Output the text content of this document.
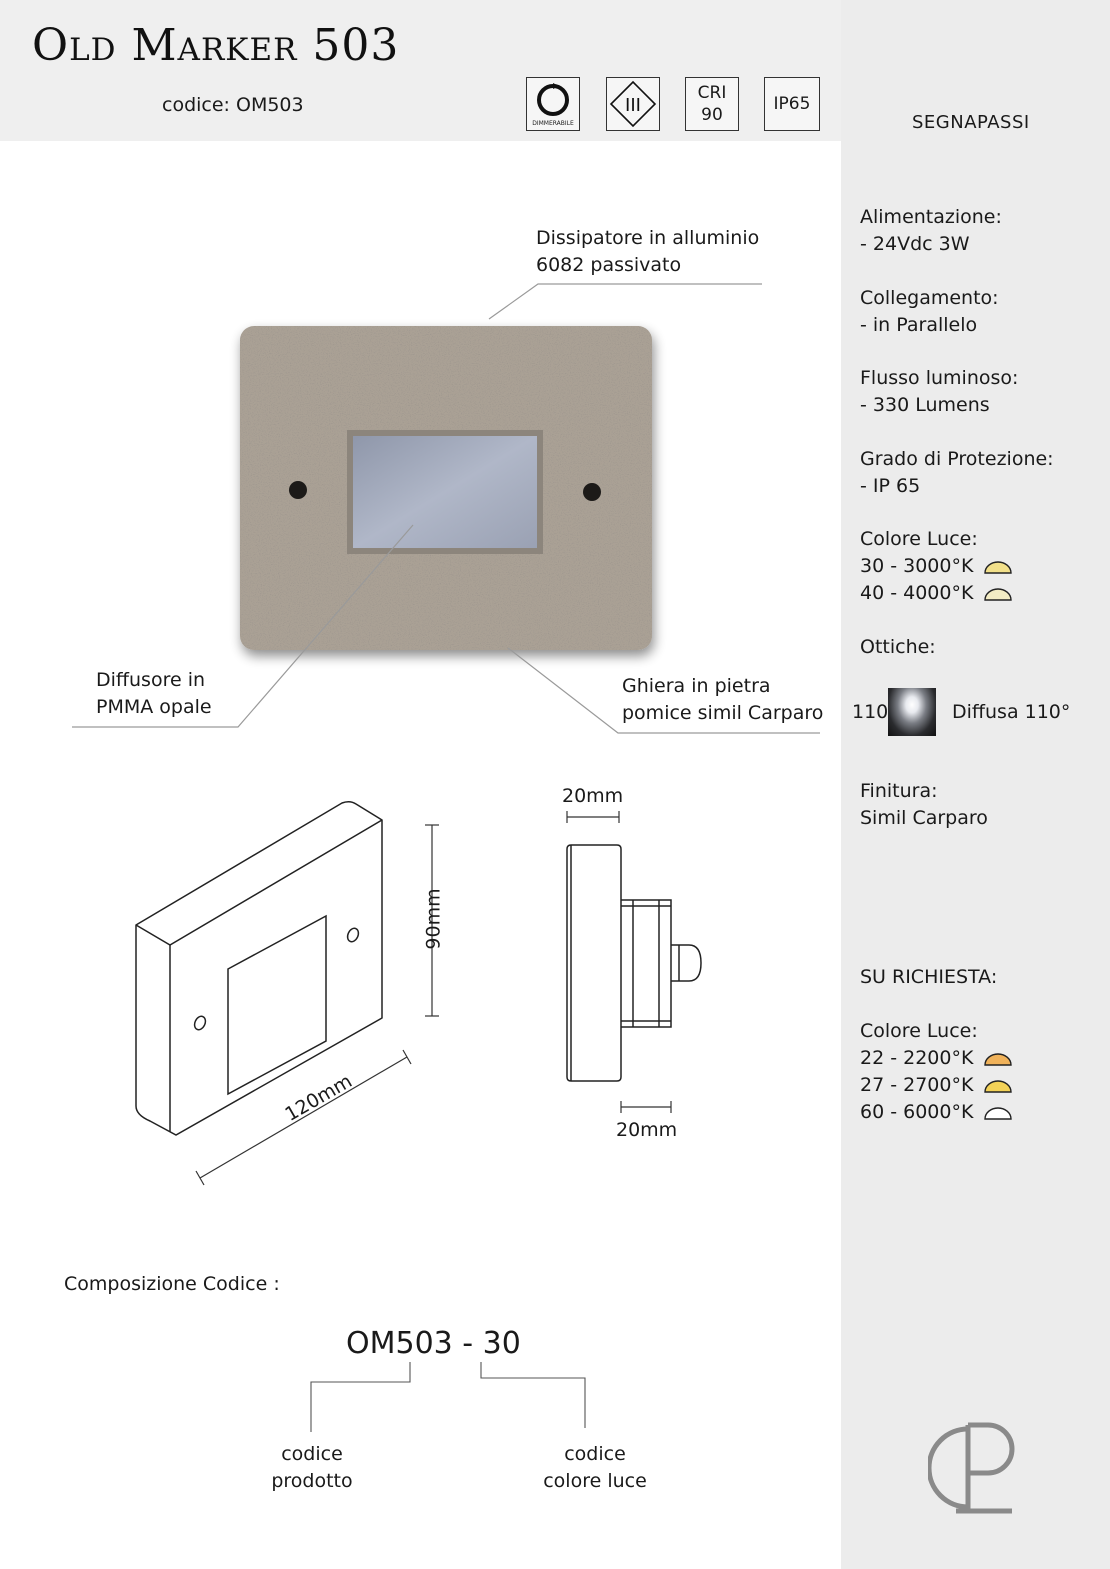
Old Marker 503
codice: OM503
DIMMERABILE
III
CRI
90
IP65
SEGNAPASSI
Alimentazione:
- 24Vdc 3W
Collegamento:
- in Parallelo
Flusso luminoso:
- 330 Lumens
Grado di Protezione:
- IP 65
Colore Luce:
30 - 3000°K
40 - 4000°K
Ottiche:
110	Diffusa 110°
Finitura:
Simil Carparo
SU RICHIESTA:
Colore Luce:
22 - 2200°K
27 - 2700°K
60 - 6000°K
Dissipatore in alluminio
6082 passivato
Diffusore in
PMMA opale
Ghiera in pietra
pomice simil Carparo
90mm
120mm
20mm
20mm
Composizione Codice :
OM503 - 30
codice
prodotto
codice
colore luce
